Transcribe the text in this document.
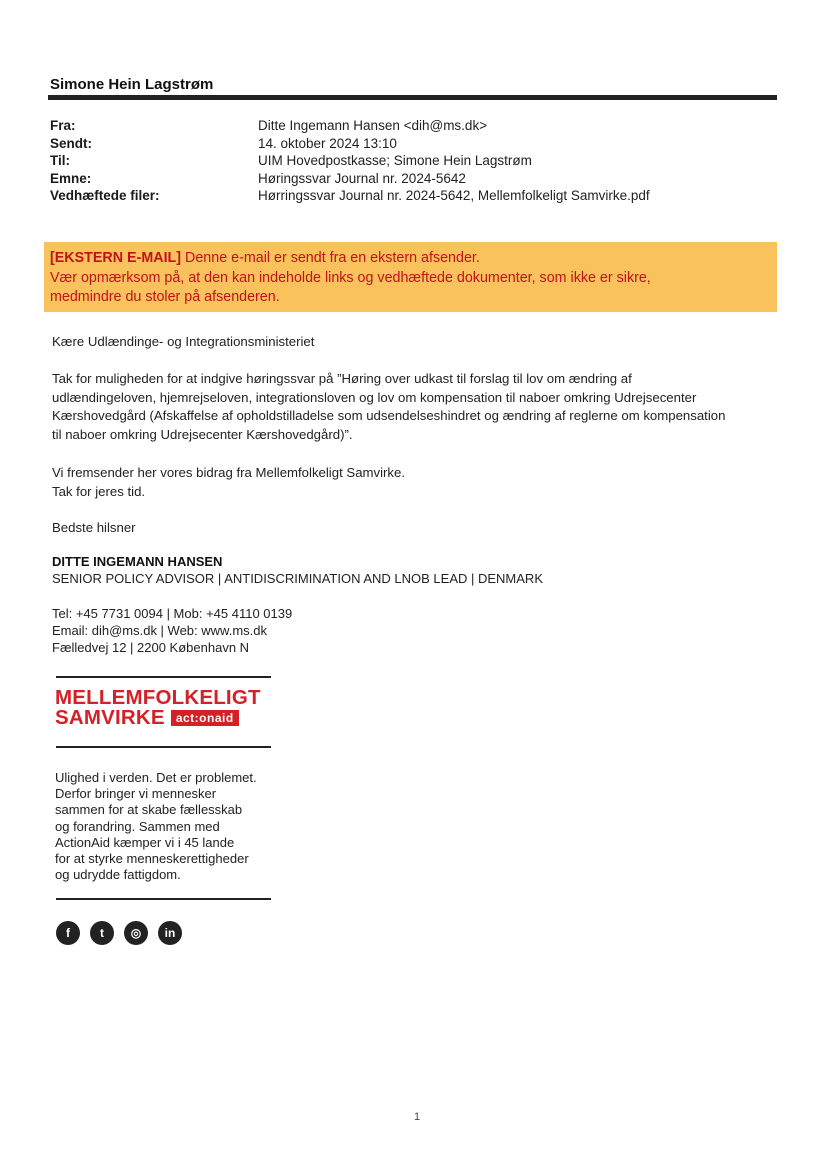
Simone Hein Lagstrøm
Fra:	Ditte Ingemann Hansen <dih@ms.dk>
Sendt:	14. oktober 2024 13:10
Til:	UIM Hovedpostkasse; Simone Hein Lagstrøm
Emne:	Høringssvar Journal nr. 2024-5642
Vedhæftede filer:	Hørringssvar Journal nr. 2024-5642, Mellemfolkeligt Samvirke.pdf
[EKSTERN E-MAIL] Denne e-mail er sendt fra en ekstern afsender.
Vær opmærksom på, at den kan indeholde links og vedhæftede dokumenter, som ikke er sikre,
medmindre du stoler på afsenderen.
Kære Udlændinge- og Integrationsministeriet
Tak for muligheden for at indgive høringssvar på ”Høring over udkast til forslag til lov om ændring af
udlændingeloven, hjemrejseloven, integrationsloven og lov om kompensation til naboer omkring Udrejsecenter
Kærshovedgård (Afskaffelse af opholdstilladelse som udsendelseshindret og ændring af reglerne om kompensation
til naboer omkring Udrejsecenter Kærshovedgård)”.
Vi fremsender her vores bidrag fra Mellemfolkeligt Samvirke.
Tak for jeres tid.
Bedste hilsner
DITTE INGEMANN HANSEN
SENIOR POLICY ADVISOR | ANTIDISCRIMINATION AND LNOB LEAD | DENMARK
Tel: +45 7731 0094 | Mob: +45 4110 0139
Email: dih@ms.dk | Web: www.ms.dk
Fælledvej 12 | 2200 København N
MELLEMFOLKELIGT
SAMVIRKE act:onaid
Ulighed i verden. Det er problemet.
Derfor bringer vi mennesker
sammen for at skabe fællesskab
og forandring. Sammen med
ActionAid kæmper vi i 45 lande
for at styrke menneskerettigheder
og udrydde fattigdom.
f	t	◎	in
1
